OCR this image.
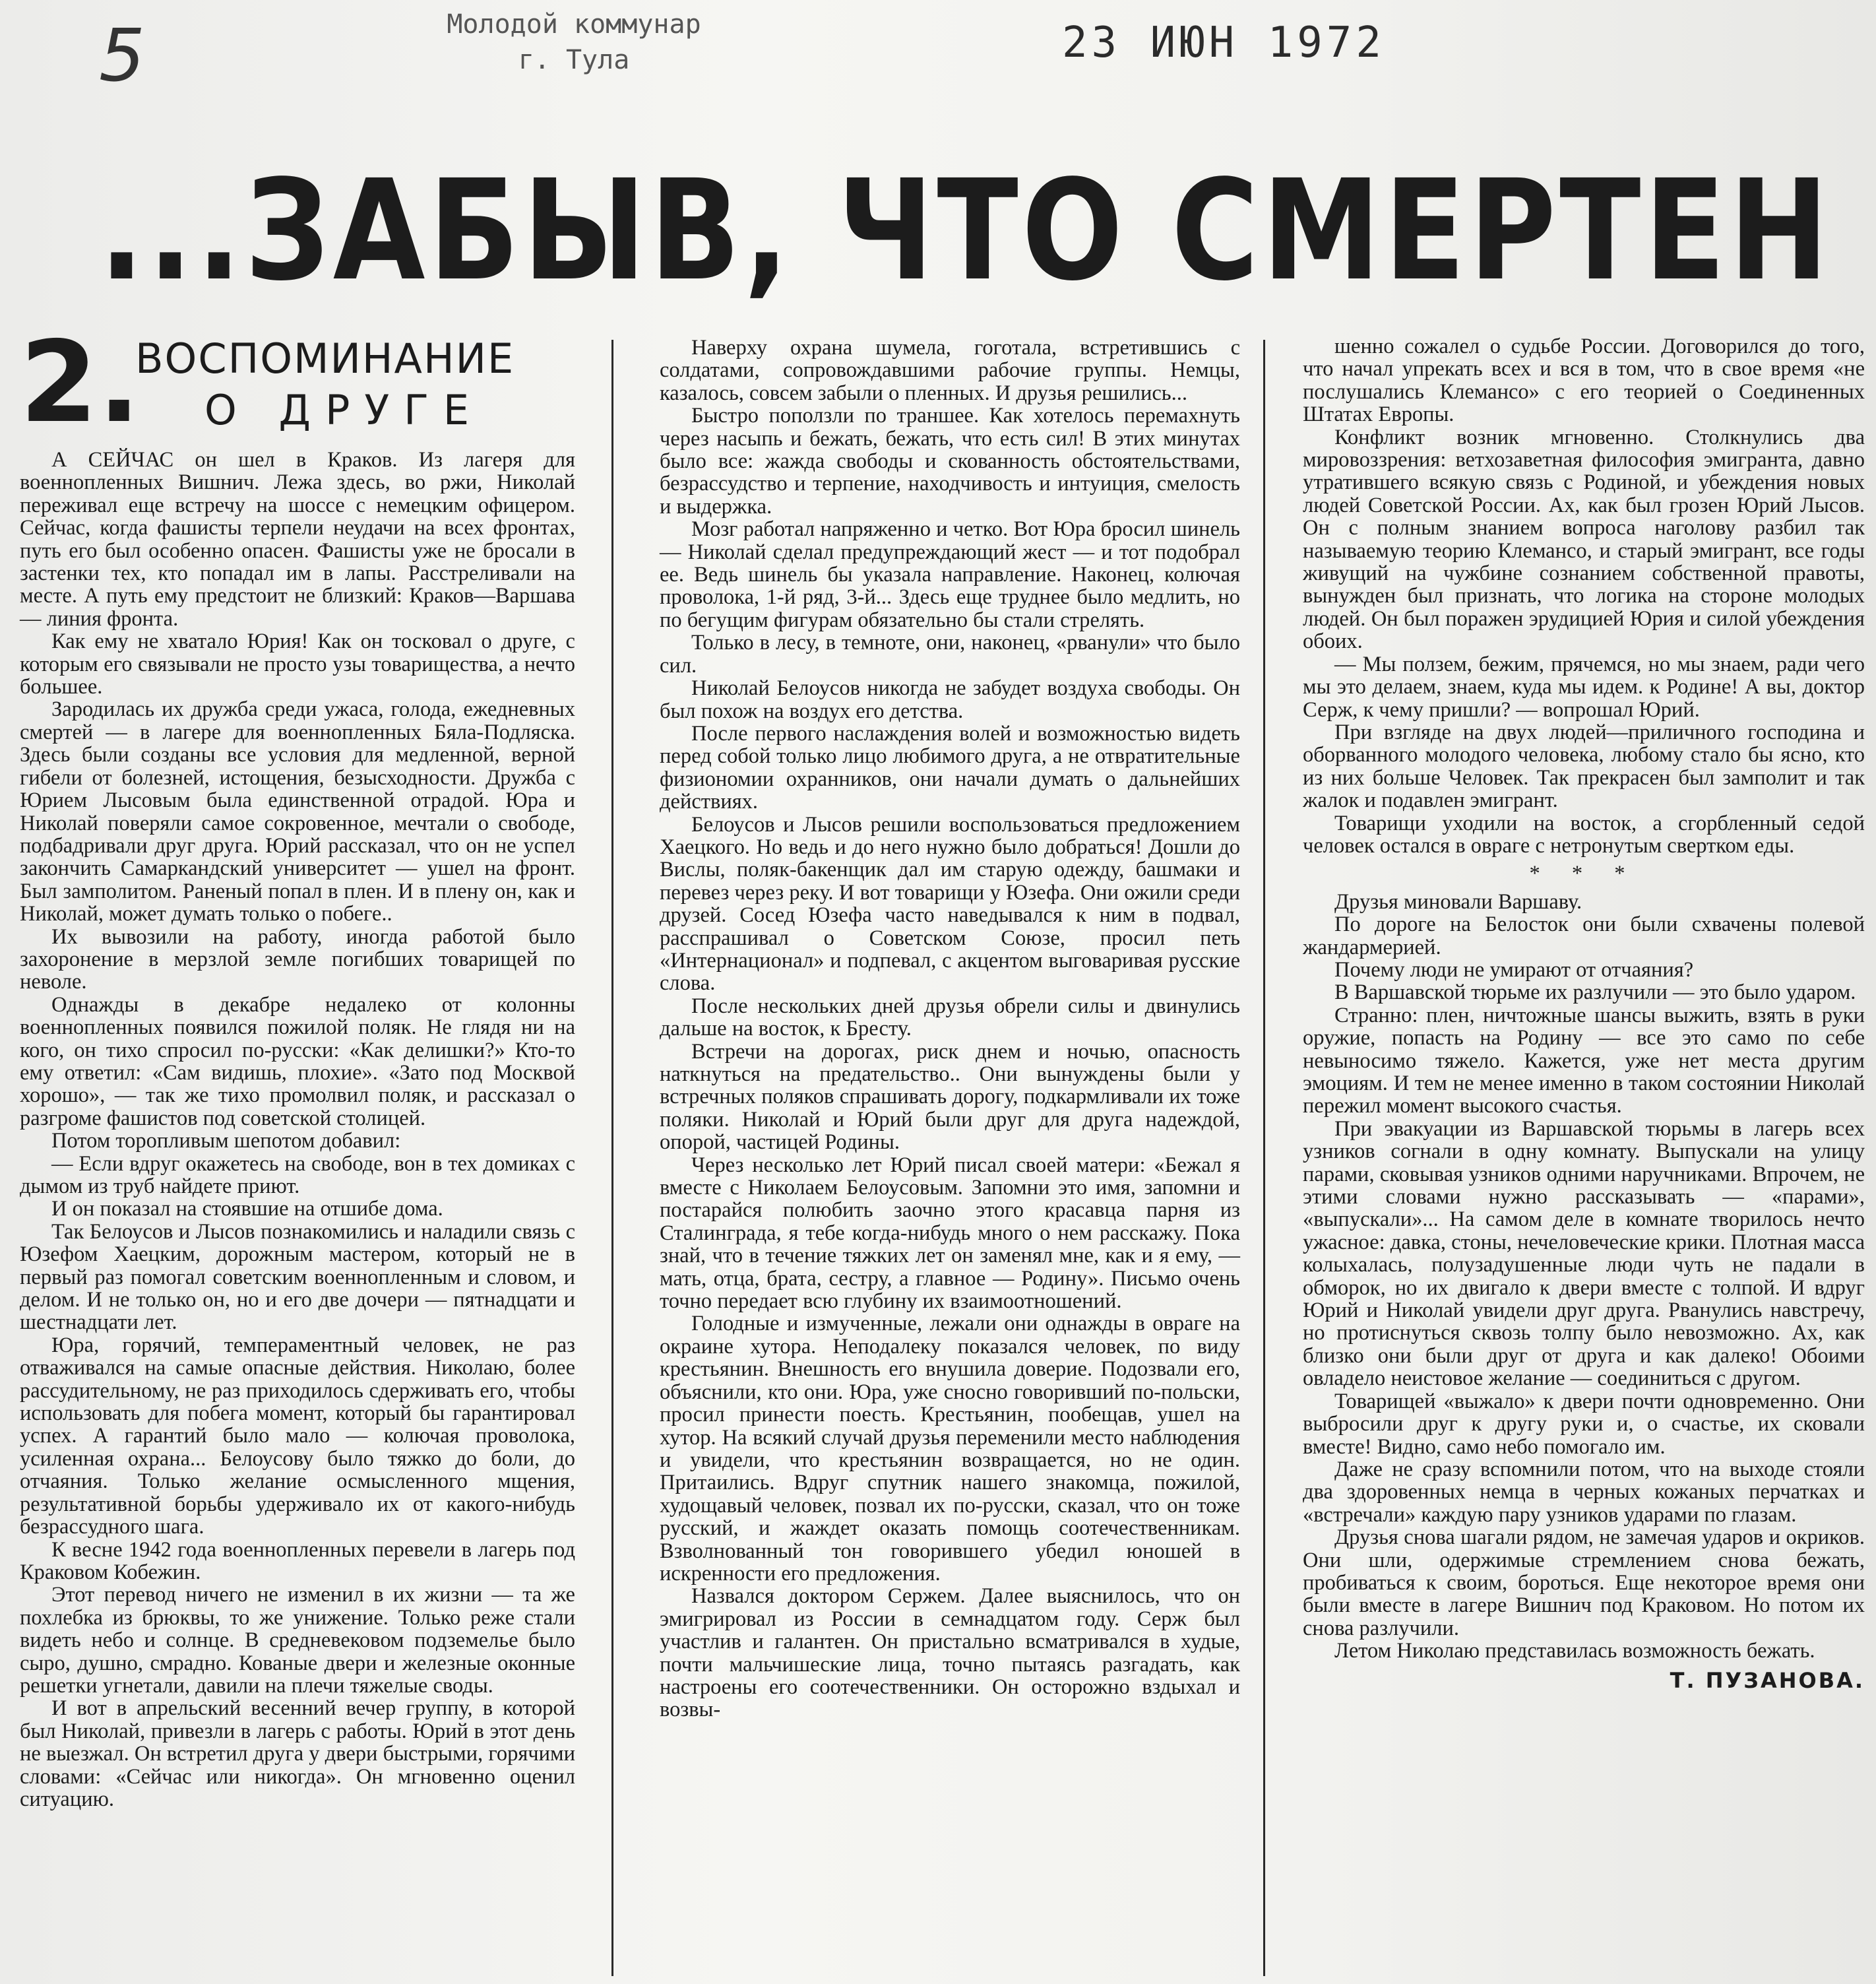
5	Молодой коммунар
г. Тула	23 ИЮН 1972
...ЗАБЫВ, ЧТО СМЕРТЕН
2.
ВОСПОМИНАНИЕ
О ДРУГЕ

А СЕЙЧАС он шел в Краков. Из лагеря для военнопленных Вишнич. Лежа здесь, во ржи, Николай переживал еще встречу на шоссе с немецким офицером. Сейчас, когда фашисты терпели неудачи на всех фронтах, путь его был особенно опасен. Фашисты уже не бросали в застенки тех, кто попадал им в лапы. Расстреливали на месте. А путь ему предстоит не близкий: Краков—Варшава — линия фронта.

Как ему не хватало Юрия! Как он тосковал о друге, с которым его связывали не просто узы товарищества, а нечто большее.

Зародилась их дружба среди ужаса, голода, ежедневных смертей — в лагере для военнопленных Бяла-Подляска. Здесь были созданы все условия для медленной, верной гибели от болезней, истощения, безысходности. Дружба с Юрием Лысовым была единственной отрадой. Юра и Николай поверяли самое сокровенное, мечтали о свободе, подбадривали друг друга. Юрий рассказал, что он не успел закончить Самаркандский университет — ушел на фронт. Был замполитом. Раненый попал в плен. И в плену он, как и Николай, может думать только о побеге..

Их вывозили на работу, иногда работой было захоронение в мерзлой земле погибших товарищей по неволе.

Однажды в декабре недалеко от колонны военнопленных появился пожилой поляк. Не глядя ни на кого, он тихо спросил по-русски: «Как делишки?» Кто-то ему ответил: «Сам видишь, плохие». «Зато под Москвой хорошо», — так же тихо промолвил поляк, и рассказал о разгроме фашистов под советской столицей.

Потом торопливым шепотом добавил:

— Если вдруг окажетесь на свободе, вон в тех домиках с дымом из труб найдете приют.

И он показал на стоявшие на отшибе дома.

Так Белоусов и Лысов познакомились и наладили связь с Юзефом Хаецким, дорожным мастером, который не в первый раз помогал советским военнопленным и словом, и делом. И не только он, но и его две дочери — пятнадцати и шестнадцати лет.

Юра, горячий, темпераментный человек, не раз отваживался на самые опасные действия. Николаю, более рассудительному, не раз приходилось сдерживать его, чтобы использовать для побега момент, который бы гарантировал успех. А гарантий было мало — колючая проволока, усиленная охрана... Белоусову было тяжко до боли, до отчаяния. Только желание осмысленного мщения, результативной борьбы удерживало их от какого-нибудь безрассудного шага.

К весне 1942 года военнопленных перевели в лагерь под Краковом Кобежин.

Этот перевод ничего не изменил в их жизни — та же похлебка из брюквы, то же унижение. Только реже стали видеть небо и солнце. В средневековом подземелье было сыро, душно, смрадно. Кованые двери и железные оконные решетки угнетали, давили на плечи тяжелые своды.

И вот в апрельский весенний вечер группу, в которой был Николай, привезли в лагерь с работы. Юрий в этот день не выезжал. Он встретил друга у двери быстрыми, горячими словами: «Сейчас или никогда». Он мгновенно оценил ситуацию.

Наверху охрана шумела, гоготала, встретившись с солдатами, сопровождавшими рабочие группы. Немцы, казалось, совсем забыли о пленных. И друзья решились...

Быстро поползли по траншее. Как хотелось перемахнуть через насыпь и бежать, бежать, что есть сил! В этих минутах было все: жажда свободы и скованность обстоятельствами, безрассудство и терпение, находчивость и интуиция, смелость и выдержка.

Мозг работал напряженно и четко. Вот Юра бросил шинель — Николай сделал предупреждающий жест — и тот подобрал ее. Ведь шинель бы указала направление. Наконец, колючая проволока, 1-й ряд, 3-й... Здесь еще труднее было медлить, но по бегущим фигурам обязательно бы стали стрелять.

Только в лесу, в темноте, они, наконец, «рванули» что было сил.

Николай Белоусов никогда не забудет воздуха свободы. Он был похож на воздух его детства.

После первого наслаждения волей и возможностью видеть перед собой только лицо любимого друга, а не отвратительные физиономии охранников, они начали думать о дальнейших действиях.

Белоусов и Лысов решили воспользоваться предложением Хаецкого. Но ведь и до него нужно было добраться! Дошли до Вислы, поляк-бакенщик дал им старую одежду, башмаки и перевез через реку. И вот товарищи у Юзефа. Они ожили среди друзей. Сосед Юзефа часто наведывался к ним в подвал, расспрашивал о Советском Союзе, просил петь «Интернационал» и подпевал, с акцентом выговаривая русские слова.

После нескольких дней друзья обрели силы и двинулись дальше на восток, к Бресту.

Встречи на дорогах, риск днем и ночью, опасность наткнуться на предательство.. Они вынуждены были у встречных поляков спрашивать дорогу, подкармливали их тоже поляки. Николай и Юрий были друг для друга надеждой, опорой, частицей Родины.

Через несколько лет Юрий писал своей матери: «Бежал я вместе с Николаем Белоусовым. Запомни это имя, запомни и постарайся полюбить заочно этого красавца парня из Сталинграда, я тебе когда-нибудь много о нем расскажу. Пока знай, что в течение тяжких лет он заменял мне, как и я ему, — мать, отца, брата, сестру, а главное — Родину». Письмо очень точно передает всю глубину их взаимоотношений.

Голодные и измученные, лежали они однажды в овраге на окраине хутора. Неподалеку показался человек, по виду крестьянин. Внешность его внушила доверие. Подозвали его, объяснили, кто они. Юра, уже сносно говоривший по-польски, просил принести поесть. Крестьянин, пообещав, ушел на хутор. На всякий случай друзья переменили место наблюдения и увидели, что крестьянин возвращается, но не один. Притаились. Вдруг спутник нашего знакомца, пожилой, худощавый человек, позвал их по-русски, сказал, что он тоже русский, и жаждет оказать помощь соотечественникам. Взволнованный тон говорившего убедил юношей в искренности его предложения.

Назвался доктором Сержем. Далее выяснилось, что он эмигрировал из России в семнадцатом году. Серж был участлив и галантен. Он пристально всматривался в худые, почти мальчишеские лица, точно пытаясь разгадать, как настроены его соотечественники. Он осторожно вздыхал и возвы-

шенно сожалел о судьбе России. Договорился до того, что начал упрекать всех и вся в том, что в свое время «не послушались Клемансо» с его теорией о Соединенных Штатах Европы.

Конфликт возник мгновенно. Столкнулись два мировоззрения: ветхозаветная философия эмигранта, давно утратившего всякую связь с Родиной, и убеждения новых людей Советской России. Ах, как был грозен Юрий Лысов. Он с полным знанием вопроса наголову разбил так называемую теорию Клемансо, и старый эмигрант, все годы живущий на чужбине сознанием собственной правоты, вынужден был признать, что логика на стороне молодых людей. Он был поражен эрудицией Юрия и силой убеждения обоих.

— Мы ползем, бежим, прячемся, но мы знаем, ради чего мы это делаем, знаем, куда мы идем. к Родине! А вы, доктор Серж, к чему пришли? — вопрошал Юрий.

При взгляде на двух людей—приличного господина и оборванного молодого человека, любому стало бы ясно, кто из них больше Человек. Так прекрасен был замполит и так жалок и подавлен эмигрант.

Товарищи уходили на восток, а сгорбленный седой человек остался в овраге с нетронутым свертком еды.

* * *

Друзья миновали Варшаву.

По дороге на Белосток они были схвачены полевой жандармерией.

Почему люди не умирают от отчаяния?

В Варшавской тюрьме их разлучили — это было ударом.

Странно: плен, ничтожные шансы выжить, взять в руки оружие, попасть на Родину — все это само по себе невыносимо тяжело. Кажется, уже нет места другим эмоциям. И тем не менее именно в таком состоянии Николай пережил момент высокого счастья.

При эвакуации из Варшавской тюрьмы в лагерь всех узников согнали в одну комнату. Выпускали на улицу парами, сковывая узников одними наручниками. Впрочем, не этими словами нужно рассказывать — «парами», «выпускали»... На самом деле в комнате творилось нечто ужасное: давка, стоны, нечеловеческие крики. Плотная масса колыхалась, полузадушенные люди чуть не падали в обморок, но их двигало к двери вместе с толпой. И вдруг Юрий и Николай увидели друг друга. Рванулись навстречу, но протиснуться сквозь толпу было невозможно. Ах, как близко они были друг от друга и как далеко! Обоими овладело неистовое желание — соединиться с другом.

Товарищей «выжало» к двери почти одновременно. Они выбросили друг к другу руки и, о счастье, их сковали вместе! Видно, само небо помогало им.

Даже не сразу вспомнили потом, что на выходе стояли два здоровенных немца в черных кожаных перчатках и «встречали» каждую пару узников ударами по глазам.

Друзья снова шагали рядом, не замечая ударов и окриков. Они шли, одержимые стремлением снова бежать, пробиваться к своим, бороться. Еще некоторое время они были вместе в лагере Вишнич под Краковом. Но потом их снова разлучили.

Летом Николаю представилась возможность бежать.

Т. ПУЗАНОВА.
